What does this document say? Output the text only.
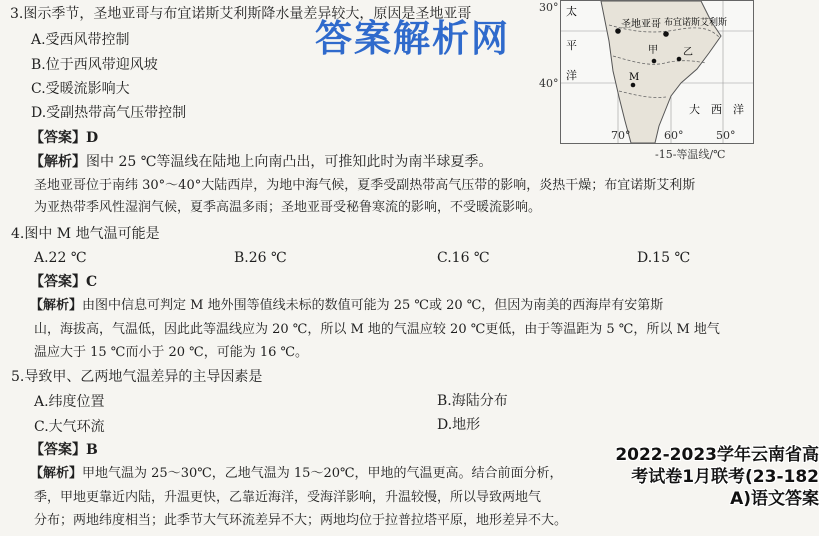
答案解析网
太
平
洋
大 西 洋
圣地亚哥 布宜诺斯艾利斯
甲	乙
M
30°
40°
70°	60°	50°
-15-等温线/℃
3.图示季节，圣地亚哥与布宜诺斯艾利斯降水量差异较大，原因是圣地亚哥
A.受西风带控制
B.位于西风带迎风坡
C.受暖流影响大
D.受副热带高气压带控制
【答案】D
【解析】图中 25 ℃等温线在陆地上向南凸出，可推知此时为南半球夏季。
圣地亚哥位于南纬 30°～40°大陆西岸，为地中海气候，夏季受副热带高气压带的影响，炎热干燥；布宜诺斯艾利斯
为亚热带季风性湿润气候，夏季高温多雨；圣地亚哥受秘鲁寒流的影响，不受暖流影响。
4.图中 M 地气温可能是
A.22 ℃	B.26 ℃	C.16 ℃	D.15 ℃
【答案】C
【解析】由图中信息可判定 M 地外围等值线未标的数值可能为 25 ℃或 20 ℃，但因为南美的西海岸有安第斯
山，海拔高，气温低，因此此等温线应为 20 ℃，所以 M 地的气温应较 20 ℃更低，由于等温距为 5 ℃，所以 M 地气
温应大于 15 ℃而小于 20 ℃，可能为 16 ℃。
5.导致甲、乙两地气温差异的主导因素是
A.纬度位置	B.海陆分布
C.大气环流	D.地形
【答案】B
【解析】甲地气温为 25～30℃，乙地气温为 15～20℃，甲地的气温更高。结合前面分析，
季，甲地更靠近内陆，升温更快，乙靠近海洋，受海洋影响，升温较慢，所以导致两地气
分布；两地纬度相当；此季节大气环流差异不大；两地均位于拉普拉塔平原，地形差异不大。
2022-2023学年云南省高
考试卷1月联考(23-182
A)语文答案
